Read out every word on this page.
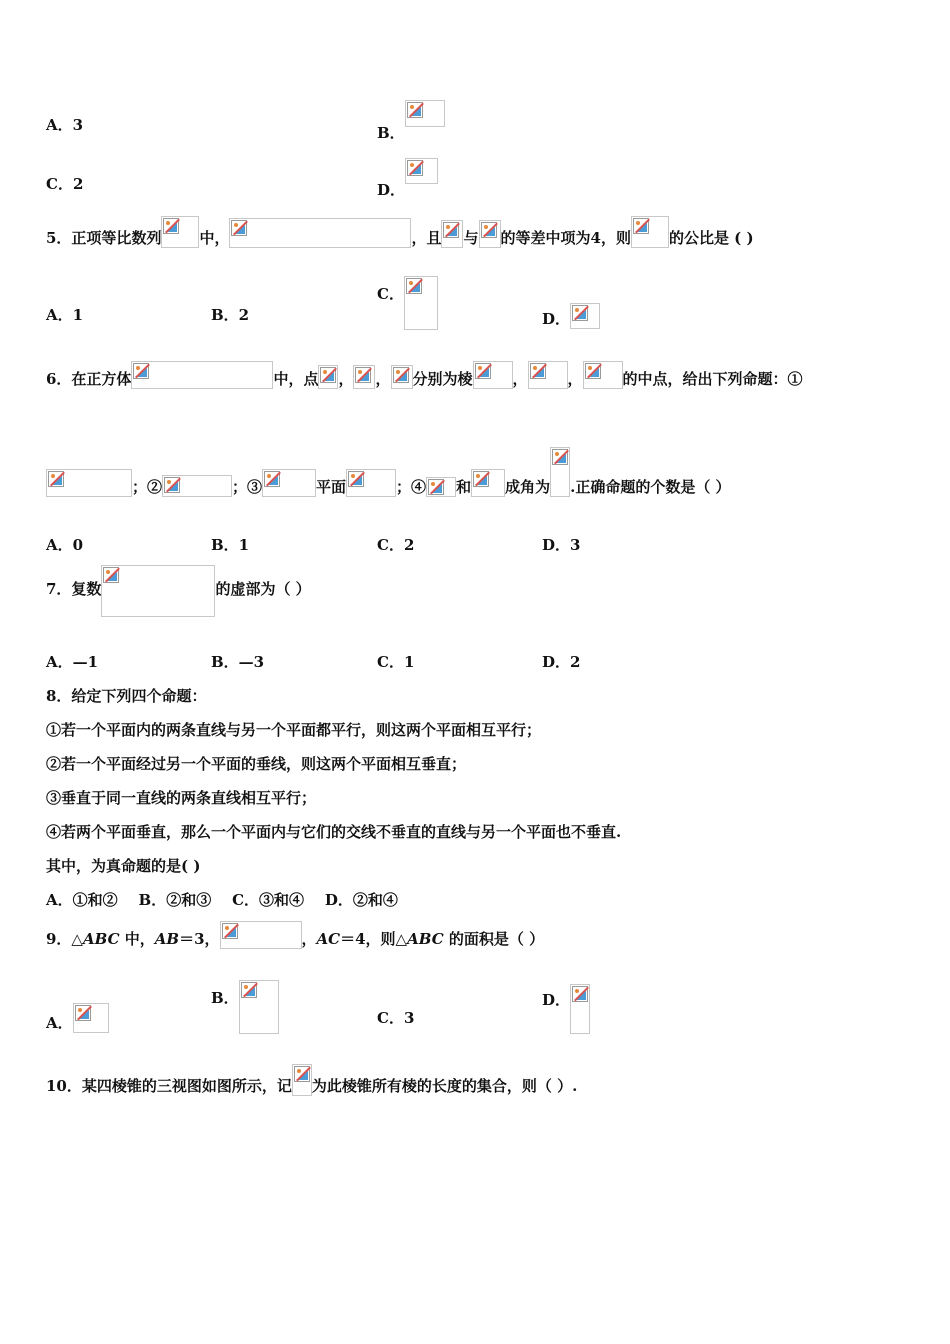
A．3	B．
C．2	D．
5．正项等比数列	中，	，且 与 的等差中项为4，则	的公比是 ( )
A．1	B．2
C．
D．
6．在正方体	中，点 ， ， 分别为棱	，	，	的中点，给出下列命题：①
；②	；③	平面	；④ 和 成角为 .正确命题的个数是（ ）
A．0	B．1	C．2	D．3
7．复数	的虚部为（ ）
A．—1	B．—3	C．1	D．2
8．给定下列四个命题：
①若一个平面内的两条直线与另一个平面都平行，则这两个平面相互平行；
②若一个平面经过另一个平面的垂线，则这两个平面相互垂直；
③垂直于同一直线的两条直线相互平行；
④若两个平面垂直，那么一个平面内与它们的交线不垂直的直线与另一个平面也不垂直.
其中，为真命题的是( )
A．①和②    B．②和③    C．③和④    D．②和④
9．△ABC 中，AB＝3，	，AC＝4，则△ABC 的面积是（ ）
A．
B．
C．3
D．
10．某四棱锥的三视图如图所示，记 为此棱锥所有棱的长度的集合，则（ ）.
